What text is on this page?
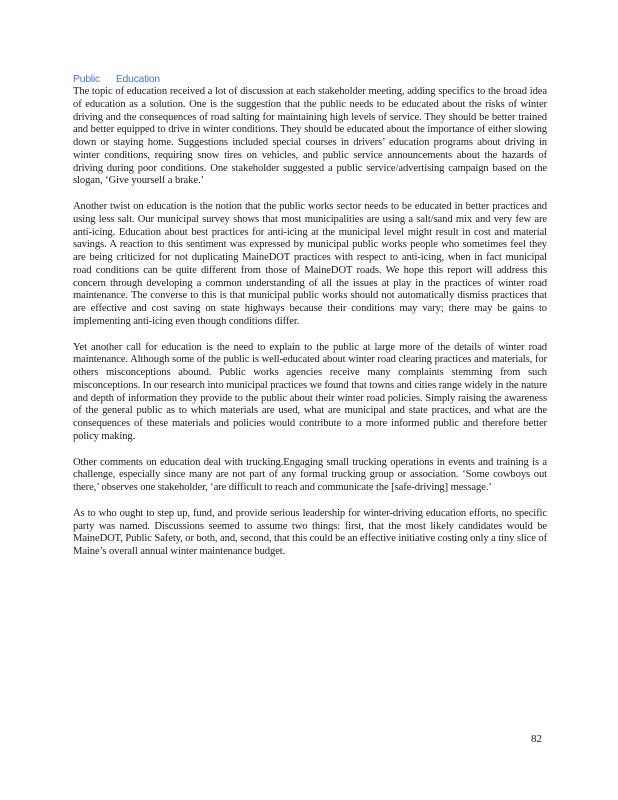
Public Education

The topic of education received a lot of discussion at each stakeholder meeting, adding specifics to the broad idea of education as a solution. One is the suggestion that the public needs to be educated about the risks of winter driving and the consequences of road salting for maintaining high levels of service. They should be better trained and better equipped to drive in winter conditions. They should be educated about the importance of either slowing down or staying home. Suggestions included special courses in drivers’ education programs about driving in winter conditions, requiring snow tires on vehicles, and public service announcements about the hazards of driving during poor conditions. One stakeholder suggested a public service/advertising campaign based on the slogan, ‘Give yourself a brake.’

Another twist on education is the notion that the public works sector needs to be educated in better practices and using less salt. Our municipal survey shows that most municipalities are using a salt/sand mix and very few are anti-icing. Education about best practices for anti-icing at the municipal level might result in cost and material savings. A reaction to this sentiment was expressed by municipal public works people who sometimes feel they are being criticized for not duplicating MaineDOT practices with respect to anti-icing, when in fact municipal road conditions can be quite different from those of MaineDOT roads. We hope this report will address this concern through developing a common understanding of all the issues at play in the practices of winter road maintenance. The converse to this is that municipal public works should not automatically dismiss practices that are effective and cost saving on state highways because their conditions may vary; there may be gains to implementing anti-icing even though conditions differ.

Yet another call for education is the need to explain to the public at large more of the details of winter road maintenance. Although some of the public is well-educated about winter road clearing practices and materials, for others misconceptions abound. Public works agencies receive many complaints stemming from such misconceptions. In our research into municipal practices we found that towns and cities range widely in the nature and depth of information they provide to the public about their winter road policies. Simply raising the awareness of the general public as to which materials are used, what are municipal and state practices, and what are the consequences of these materials and policies would contribute to a more informed public and therefore better policy making.

Other comments on education deal with trucking.Engaging small trucking operations in events and training is a challenge, especially since many are not part of any formal trucking group or association. ‘Some cowboys out there,’ observes one stakeholder, ‘are difficult to reach and communicate the [safe-driving] message.’

As to who ought to step up, fund, and provide serious leadership for winter-driving education efforts, no specific party was named. Discussions seemed to assume two things: first, that the most likely candidates would be MaineDOT, Public Safety, or both, and, second, that this could be an effective initiative costing only a tiny slice of Maine’s overall annual winter maintenance budget.

82
